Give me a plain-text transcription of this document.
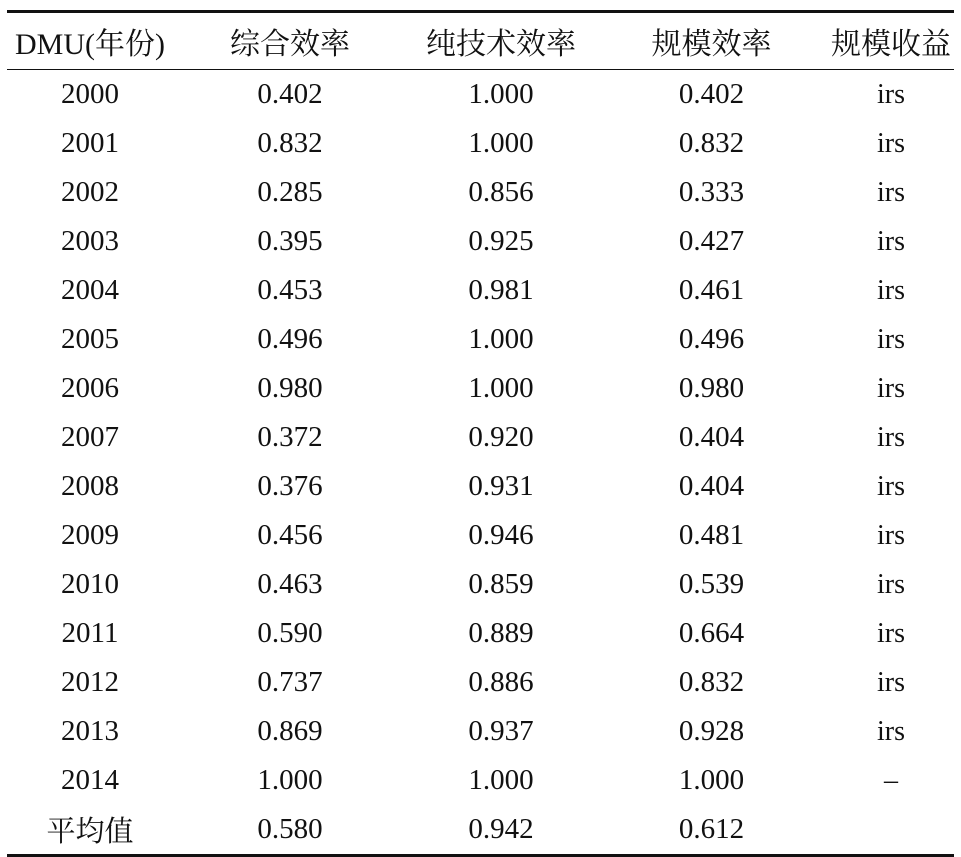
DMU(年份)	综合效率	纯技术效率	规模效率	规模收益
2000	0.402	1.000	0.402	irs
2001	0.832	1.000	0.832	irs
2002	0.285	0.856	0.333	irs
2003	0.395	0.925	0.427	irs
2004	0.453	0.981	0.461	irs
2005	0.496	1.000	0.496	irs
2006	0.980	1.000	0.980	irs
2007	0.372	0.920	0.404	irs
2008	0.376	0.931	0.404	irs
2009	0.456	0.946	0.481	irs
2010	0.463	0.859	0.539	irs
2011	0.590	0.889	0.664	irs
2012	0.737	0.886	0.832	irs
2013	0.869	0.937	0.928	irs
2014	1.000	1.000	1.000	–
平均值	0.580	0.942	0.612	
